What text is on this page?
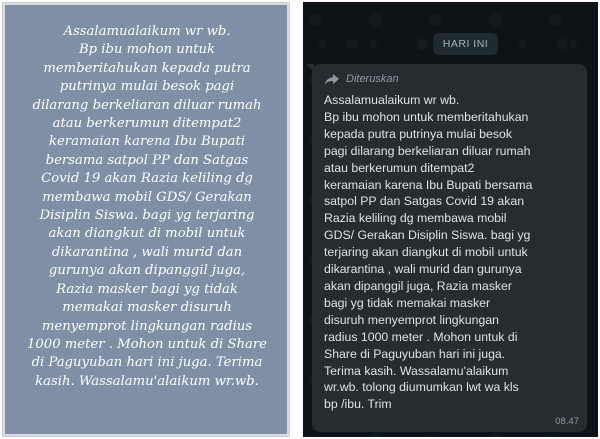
Assalamualaikum wr wb.
Bp ibu mohon untuk
memberitahukan kepada putra
putrinya mulai besok pagi
dilarang berkeliaran diluar rumah
atau berkerumun ditempat2
keramaian karena Ibu Bupati
bersama satpol PP dan Satgas
Covid 19 akan Razia keliling dg
membawa mobil GDS/ Gerakan
Disiplin Siswa. bagi yg terjaring
akan diangkut di mobil untuk
dikarantina , wali murid dan
gurunya akan dipanggil juga,
Razia masker bagi yg tidak
memakai masker disuruh
menyemprot lingkungan radius
1000 meter . Mohon untuk di Share
di Paguyuban hari ini juga. Terima
kasih. Wassalamu'alaikum wr.wb.
HARI INI
Diteruskan
Assalamualaikum wr wb.
Bp ibu mohon untuk memberitahukan
kepada putra putrinya mulai besok
pagi dilarang berkeliaran diluar rumah
atau berkerumun ditempat2
keramaian karena Ibu Bupati bersama
satpol PP dan Satgas Covid 19 akan
Razia keliling dg membawa mobil
GDS/ Gerakan Disiplin Siswa. bagi yg
terjaring akan diangkut di mobil untuk
dikarantina , wali murid dan gurunya
akan dipanggil juga, Razia masker
bagi yg tidak memakai masker
disuruh menyemprot lingkungan
radius 1000 meter . Mohon untuk di
Share di Paguyuban hari ini juga.
Terima kasih. Wassalamu'alaikum
wr.wb. tolong diumumkan lwt wa kls
bp /ibu. Trim
08.47
